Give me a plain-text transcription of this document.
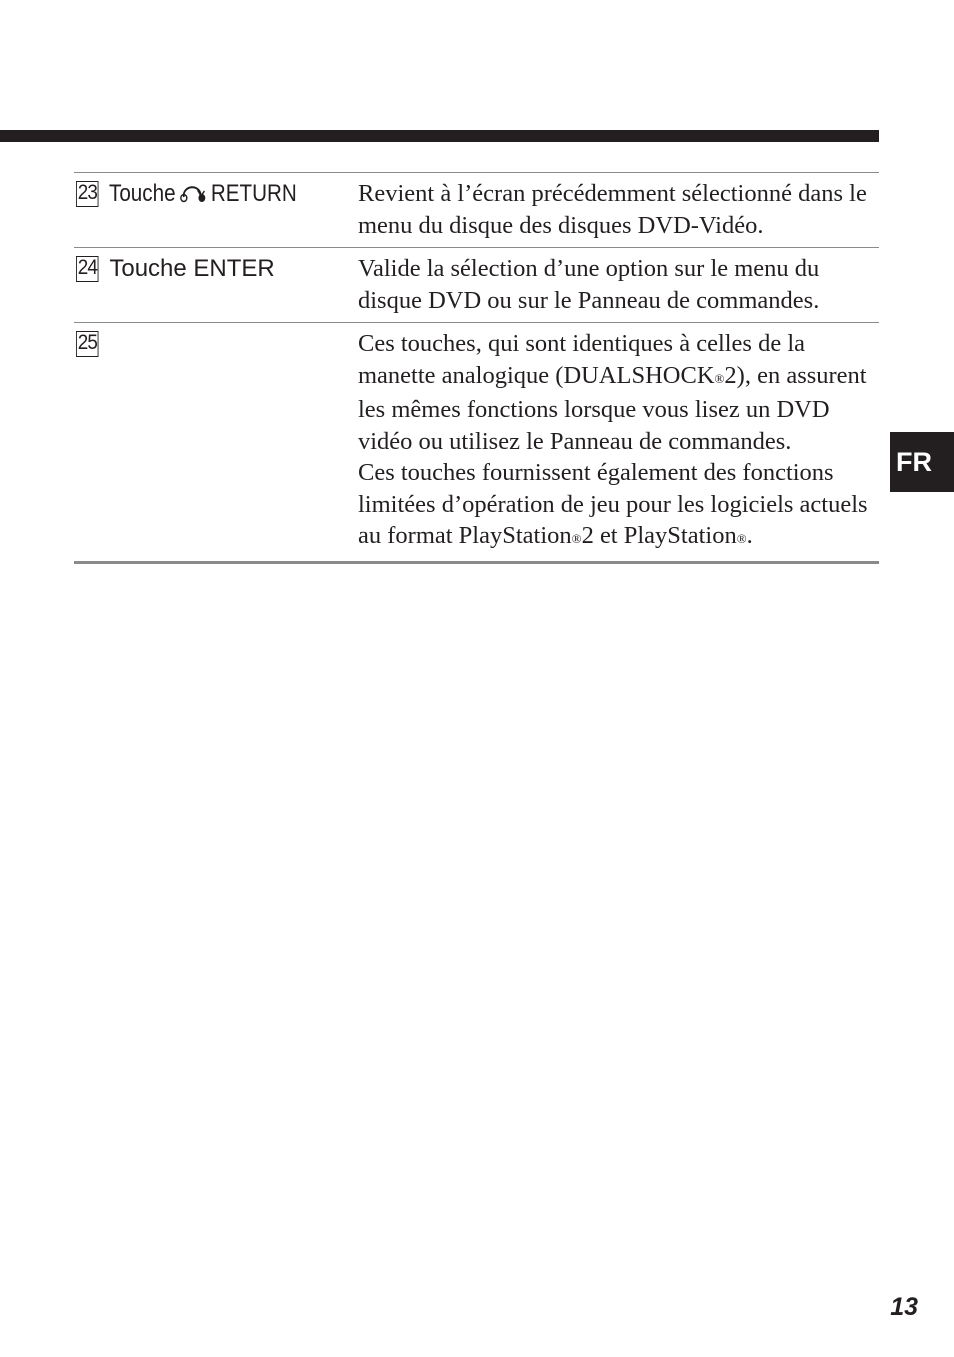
23 Touche RETURN Revient à l’écran précédemment sélectionné dans le menu du disque des disques DVD-Vidéo.

24 Touche ENTER	Valide la sélection d’une option sur le menu du disque DVD ou sur le Panneau de commandes.

25	Ces touches, qui sont identiques à celles de la manette analogique (DUALSHOCK®2), en assurent les mêmes fonctions lorsque vous lisez un DVD vidéo ou utilisez le Panneau de commandes.

Ces touches fournissent également des fonctions limitées d’opération de jeu pour les logiciels actuels au format PlayStation®2 et PlayStation®.

FR
13
